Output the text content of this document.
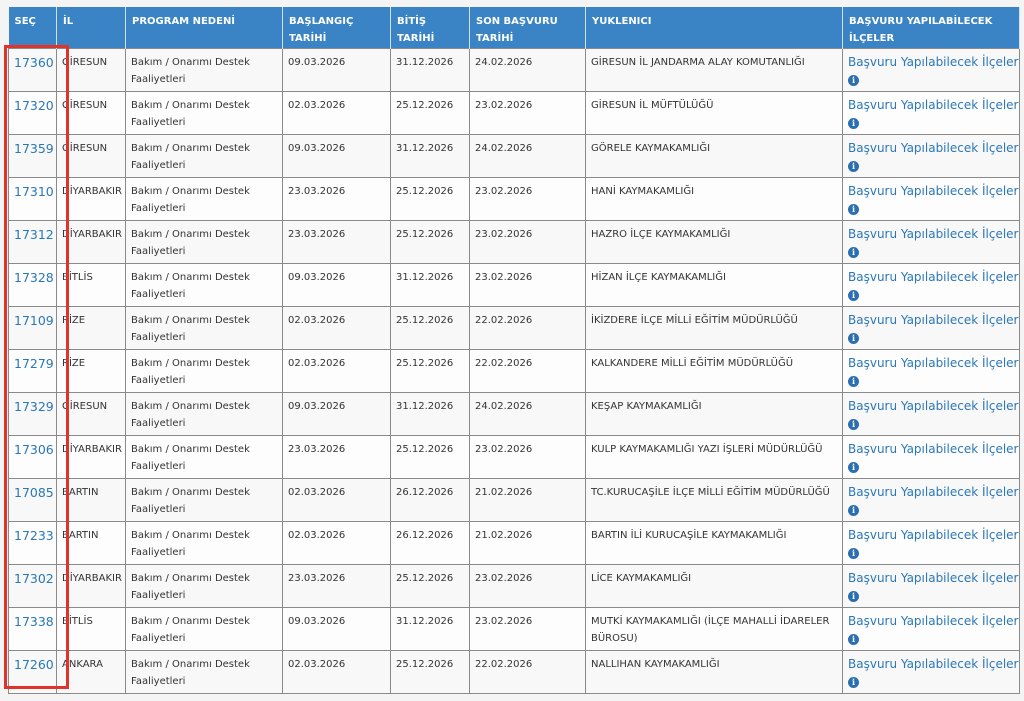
SEÇ	İL	PROGRAM NEDENİ	BAŞLANGIÇ TARİHİ	BİTİŞ TARİHİ	SON BAŞVURU TARİHİ	YUKLENICI	BAŞVURU YAPILABİLECEK İLÇELER
17360	GİRESUN	Bakım / Onarımı Destek Faaliyetleri	09.03.2026	31.12.2026	24.02.2026	GİRESUN İL JANDARMA ALAY KOMUTANLIĞI	Başvuru Yapılabilecek İlçeler
i
17320	GİRESUN	Bakım / Onarımı Destek Faaliyetleri	02.03.2026	25.12.2026	23.02.2026	GİRESUN İL MÜFTÜLÜĞÜ	Başvuru Yapılabilecek İlçeler
i
17359	GİRESUN	Bakım / Onarımı Destek Faaliyetleri	09.03.2026	31.12.2026	24.02.2026	GÖRELE KAYMAKAMLIĞI	Başvuru Yapılabilecek İlçeler
i
17310	DİYARBAKIR	Bakım / Onarımı Destek Faaliyetleri	23.03.2026	25.12.2026	23.02.2026	HANİ KAYMAKAMLIĞI	Başvuru Yapılabilecek İlçeler
i
17312	DİYARBAKIR	Bakım / Onarımı Destek Faaliyetleri	23.03.2026	25.12.2026	23.02.2026	HAZRO İLÇE KAYMAKAMLIĞI	Başvuru Yapılabilecek İlçeler
i
17328	BİTLİS	Bakım / Onarımı Destek Faaliyetleri	09.03.2026	31.12.2026	23.02.2026	HİZAN İLÇE KAYMAKAMLIĞI	Başvuru Yapılabilecek İlçeler
i
17109	RİZE	Bakım / Onarımı Destek Faaliyetleri	02.03.2026	25.12.2026	22.02.2026	İKİZDERE İLÇE MİLLİ EĞİTİM MÜDÜRLÜĞÜ	Başvuru Yapılabilecek İlçeler
i
17279	RİZE	Bakım / Onarımı Destek Faaliyetleri	02.03.2026	25.12.2026	22.02.2026	KALKANDERE MİLLİ EĞİTİM MÜDÜRLÜĞÜ	Başvuru Yapılabilecek İlçeler
i
17329	GİRESUN	Bakım / Onarımı Destek Faaliyetleri	09.03.2026	31.12.2026	24.02.2026	KEŞAP KAYMAKAMLIĞI	Başvuru Yapılabilecek İlçeler
i
17306	DİYARBAKIR	Bakım / Onarımı Destek Faaliyetleri	23.03.2026	25.12.2026	23.02.2026	KULP KAYMAKAMLIĞI YAZI İŞLERİ MÜDÜRLÜĞÜ	Başvuru Yapılabilecek İlçeler
i
17085	BARTIN	Bakım / Onarımı Destek Faaliyetleri	02.03.2026	26.12.2026	21.02.2026	TC.KURUCAŞİLE İLÇE MİLLİ EĞİTİM MÜDÜRLÜĞÜ	Başvuru Yapılabilecek İlçeler
i
17233	BARTIN	Bakım / Onarımı Destek Faaliyetleri	02.03.2026	26.12.2026	21.02.2026	BARTIN İLİ KURUCAŞİLE KAYMAKAMLIĞI	Başvuru Yapılabilecek İlçeler
i
17302	DİYARBAKIR	Bakım / Onarımı Destek Faaliyetleri	23.03.2026	25.12.2026	23.02.2026	LİCE KAYMAKAMLIĞI	Başvuru Yapılabilecek İlçeler
i
17338	BİTLİS	Bakım / Onarımı Destek Faaliyetleri	09.03.2026	31.12.2026	23.02.2026	MUTKİ KAYMAKAMLIĞI (İLÇE MAHALLİ İDARELER BÜROSU)	Başvuru Yapılabilecek İlçeler
i
17260	ANKARA	Bakım / Onarımı Destek Faaliyetleri	02.03.2026	25.12.2026	22.02.2026	NALLIHAN KAYMAKAMLIĞI	Başvuru Yapılabilecek İlçeler
i
